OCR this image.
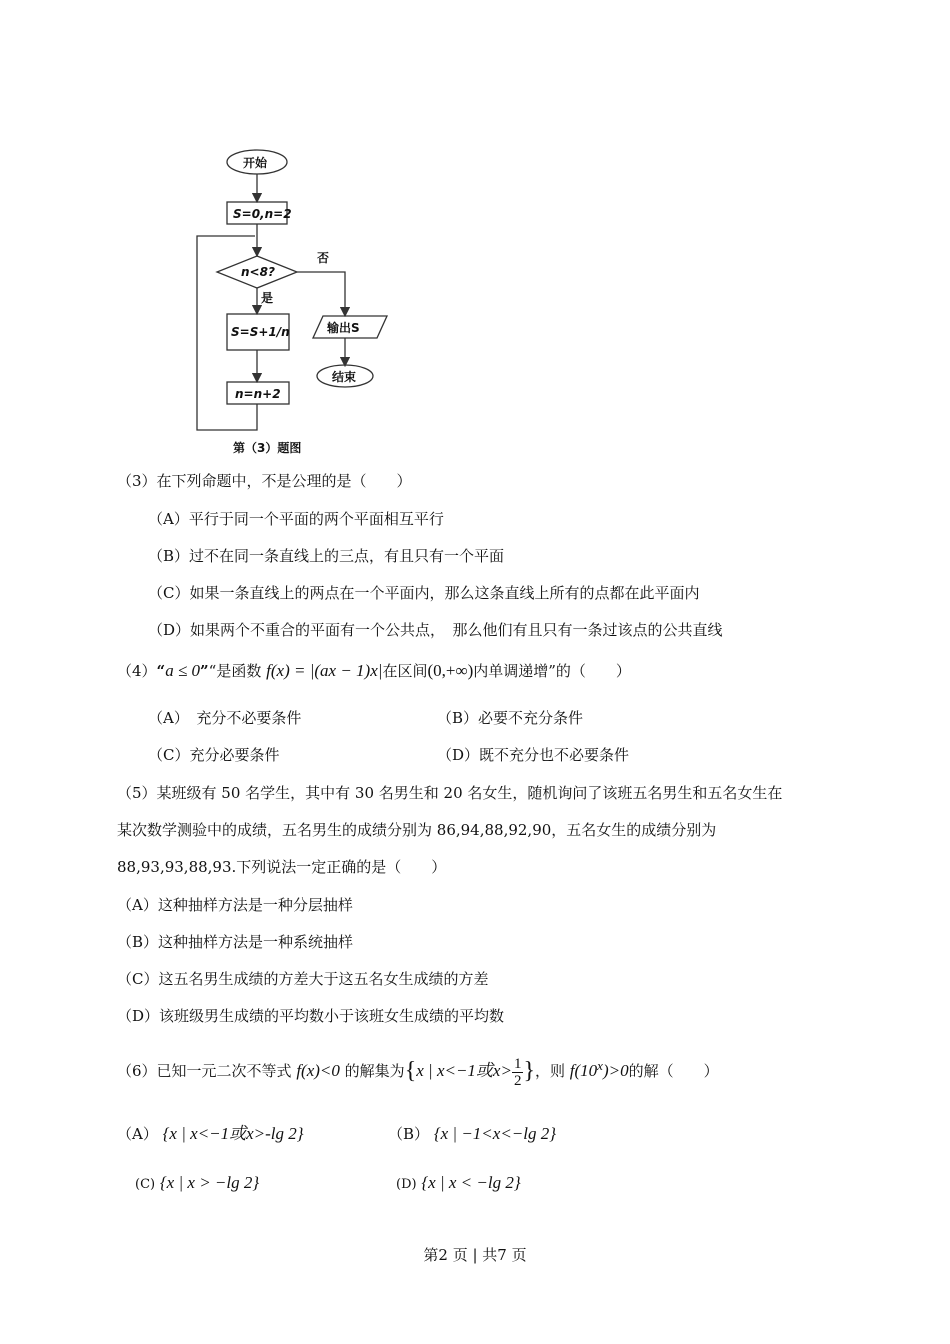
开始
S=0,n=2
n<8?
否
是
S=S+1/n	输出S
结束
n=n+2
第（3）题图
（3）在下列命题中，不是公理的是（　　）
（A）平行于同一个平面的两个平面相互平行
（B）过不在同一条直线上的三点，有且只有一个平面
（C）如果一条直线上的两点在一个平面内，那么这条直线上所有的点都在此平面内
（D）如果两个不重合的平面有一个公共点，　那么他们有且只有一条过该点的公共直线
（4）“a ≤ 0”“是函数 f(x) = |(ax − 1)x|在区间(0,+∞)内单调递增”的（　　）
（A）　充分不必要条件	（B）必要不充分条件
（C）充分必要条件	（D）既不充分也不必要条件
（5）某班级有 50 名学生，其中有 30 名男生和 20 名女生，随机询问了该班五名男生和五名女生在
某次数学测验中的成绩，五名男生的成绩分别为 86,94,88,92,90，五名女生的成绩分别为
88,93,93,88,93.下列说法一定正确的是（　　）
（A）这种抽样方法是一种分层抽样
（B）这种抽样方法是一种系统抽样
（C）这五名男生成绩的方差大于这五名女生成绩的方差
（D）该班级男生成绩的平均数小于该班女生成绩的平均数
（6）已知一元二次不等式 f(x)<0 的解集为{x | x<−1或$x> \frac{1}{2}$ }，则 $f(10^x)>0$的解（　　）
（A） {x | x<−1或x>-lg 2}	（B） {x | −1<x<−lg 2}
(C) {x | x > −lg 2}	(D) {x | x < −lg 2}
第2 页 | 共7 页
